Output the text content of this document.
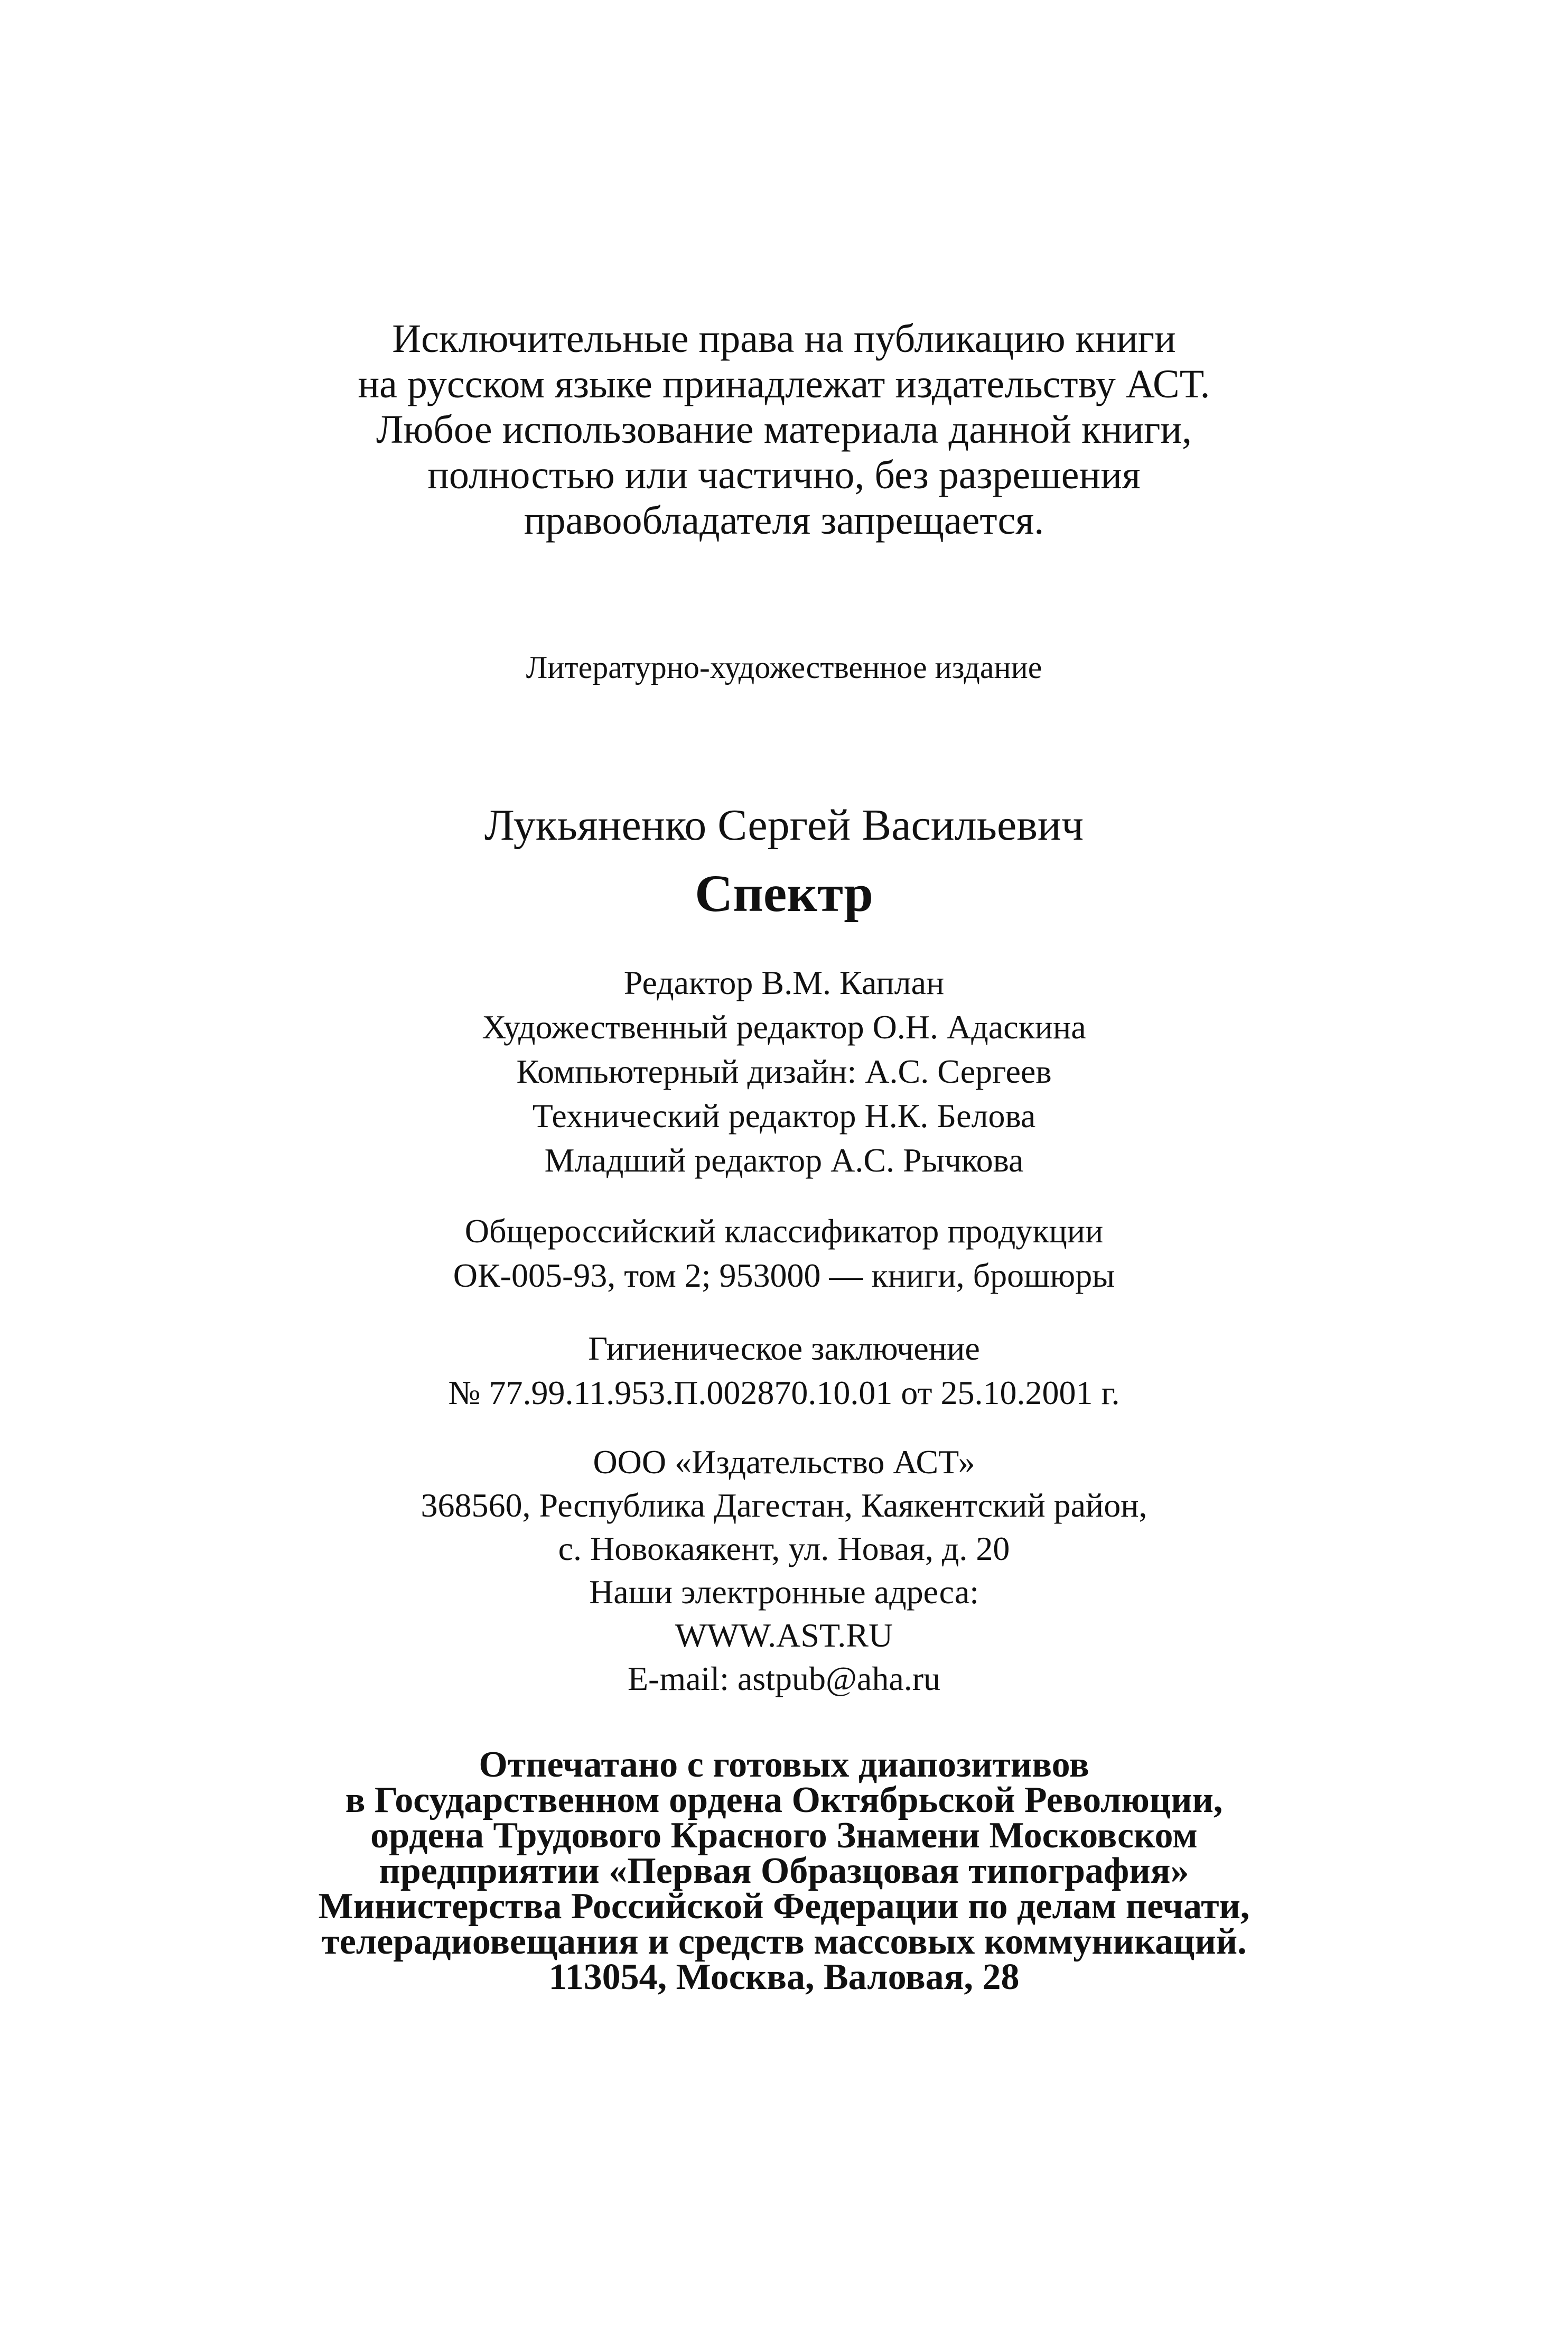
Исключительные права на публикацию книги
на русском языке принадлежат издательству АСТ.
Любое использование материала данной книги,
полностью или частично, без разрешения
правообладателя запрещается.
Литературно-художественное издание
Лукьяненко Сергей Васильевич
Спектр
Редактор В.М. Каплан
Художественный редактор О.Н. Адаскина
Компьютерный дизайн: А.С. Сергеев
Технический редактор Н.К. Белова
Младший редактор А.С. Рычкова
Общероссийский классификатор продукции
ОК-005-93, том 2; 953000 — книги, брошюры
Гигиеническое заключение
№ 77.99.11.953.П.002870.10.01 от 25.10.2001 г.
ООО «Издательство АСТ»
368560, Республика Дагестан, Каякентский район,
с. Новокаякент, ул. Новая, д. 20
Наши электронные адреса:
WWW.AST.RU
E-mail: astpub@aha.ru
Отпечатано с готовых диапозитивов
в Государственном ордена Октябрьской Революции,
ордена Трудового Красного Знамени Московском
предприятии «Первая Образцовая типография»
Министерства Российской Федерации по делам печати,
телерадиовещания и средств массовых коммуникаций.
113054, Москва, Валовая, 28
